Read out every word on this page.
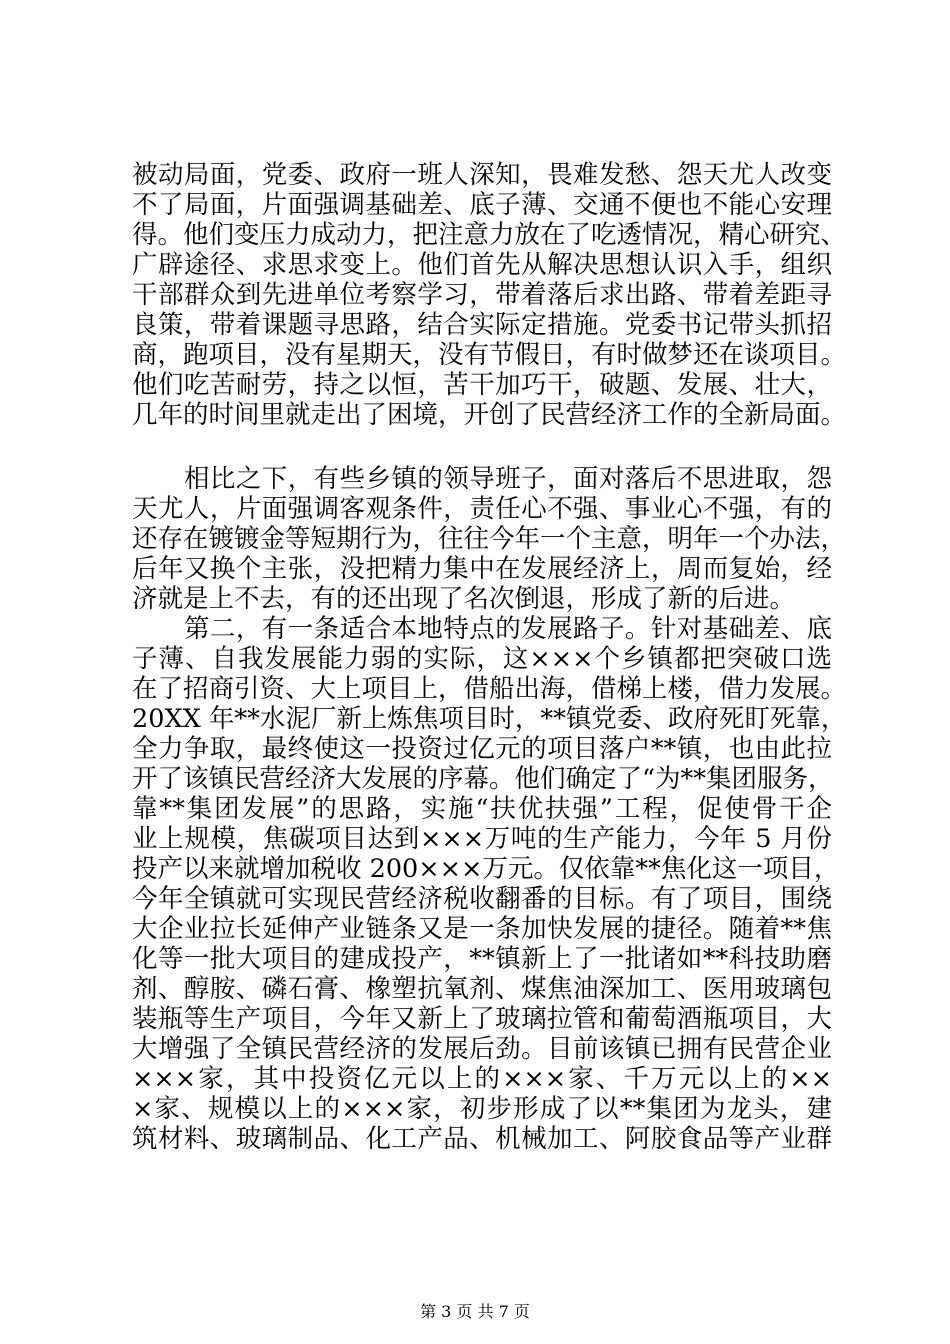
被动局面，党委、政府一班人深知，畏难发愁、怨天尤人改变
不了局面，片面强调基础差、底子薄、交通不便也不能心安理
得。他们变压力成动力，把注意力放在了吃透情况，精心研究、
广辟途径、求思求变上。他们首先从解决思想认识入手，组织
干部群众到先进单位考察学习，带着落后求出路、带着差距寻
良策，带着课题寻思路，结合实际定措施。党委书记带头抓招
商，跑项目，没有星期天，没有节假日，有时做梦还在谈项目。
他们吃苦耐劳，持之以恒，苦干加巧干，破题、发展、壮大，
几年的时间里就走出了困境，开创了民营经济工作的全新局面。
相比之下，有些乡镇的领导班子，面对落后不思进取，怨
天尤人，片面强调客观条件，责任心不强、事业心不强，有的
还存在镀镀金等短期行为，往往今年一个主意，明年一个办法，
后年又换个主张，没把精力集中在发展经济上，周而复始，经
济就是上不去，有的还出现了名次倒退，形成了新的后进。
第二，有一条适合本地特点的发展路子。针对基础差、底
子薄、自我发展能力弱的实际，这×××个乡镇都把突破口选
在了招商引资、大上项目上，借船出海，借梯上楼，借力发展。
20XX 年**水泥厂新上炼焦项目时，**镇党委、政府死盯死靠，
全力争取，最终使这一投资过亿元的项目落户**镇，也由此拉
开了该镇民营经济大发展的序幕。他们确定了“为**集团服务，
靠**集团发展”的思路，实施“扶优扶强”工程，促使骨干企
业上规模，焦碳项目达到×××万吨的生产能力，今年 5 月份
投产以来就增加税收 200×××万元。仅依靠**焦化这一项目，
今年全镇就可实现民营经济税收翻番的目标。有了项目，围绕
大企业拉长延伸产业链条又是一条加快发展的捷径。随着**焦
化等一批大项目的建成投产，**镇新上了一批诸如**科技助磨
剂、醇胺、磷石膏、橡塑抗氧剂、煤焦油深加工、医用玻璃包
装瓶等生产项目，今年又新上了玻璃拉管和葡萄酒瓶项目，大
大增强了全镇民营经济的发展后劲。目前该镇已拥有民营企业
×××家，其中投资亿元以上的×××家、千万元以上的××
×家、规模以上的×××家，初步形成了以**集团为龙头，建
筑材料、玻璃制品、化工产品、机械加工、阿胶食品等产业群
第 3 页 共 7 页
